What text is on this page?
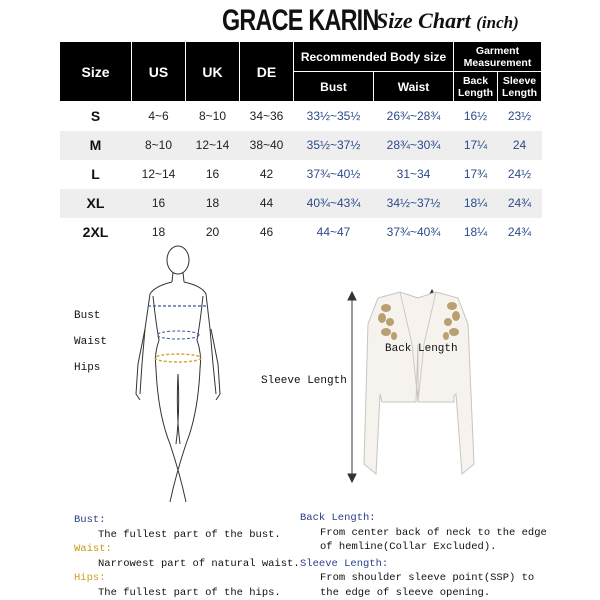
GRACE KARIN
Size Chart (inch)
Size	US	UK	DE	Recommended Body size		Garment Measurement	
				Bust	Waist	Back Length	Sleeve Length
S	4~6	8~10	34~36	33½~35½	26¾~28¾	16½	23½
M	8~10	12~14	38~40	35½~37½	28¾~30¾	17¼	24
L	12~14	16	42	37¾~40½	31~34	17¾	24½
XL	16	18	44	40¾~43¾	34½~37½	18¼	24¾
2XL	18	20	46	44~47	37¾~40¾	18¼	24¾
Bust
Waist
Hips
Back Length
Sleeve Length
Bust:
The fullest part of the bust.
Waist:
Narrowest part of natural waist.
Hips:
The fullest part of the hips.
Back Length:
From center back of neck to the edge
of hemline(Collar Excluded).
Sleeve Length:
From shoulder sleeve point(SSP) to
the edge of sleeve opening.
